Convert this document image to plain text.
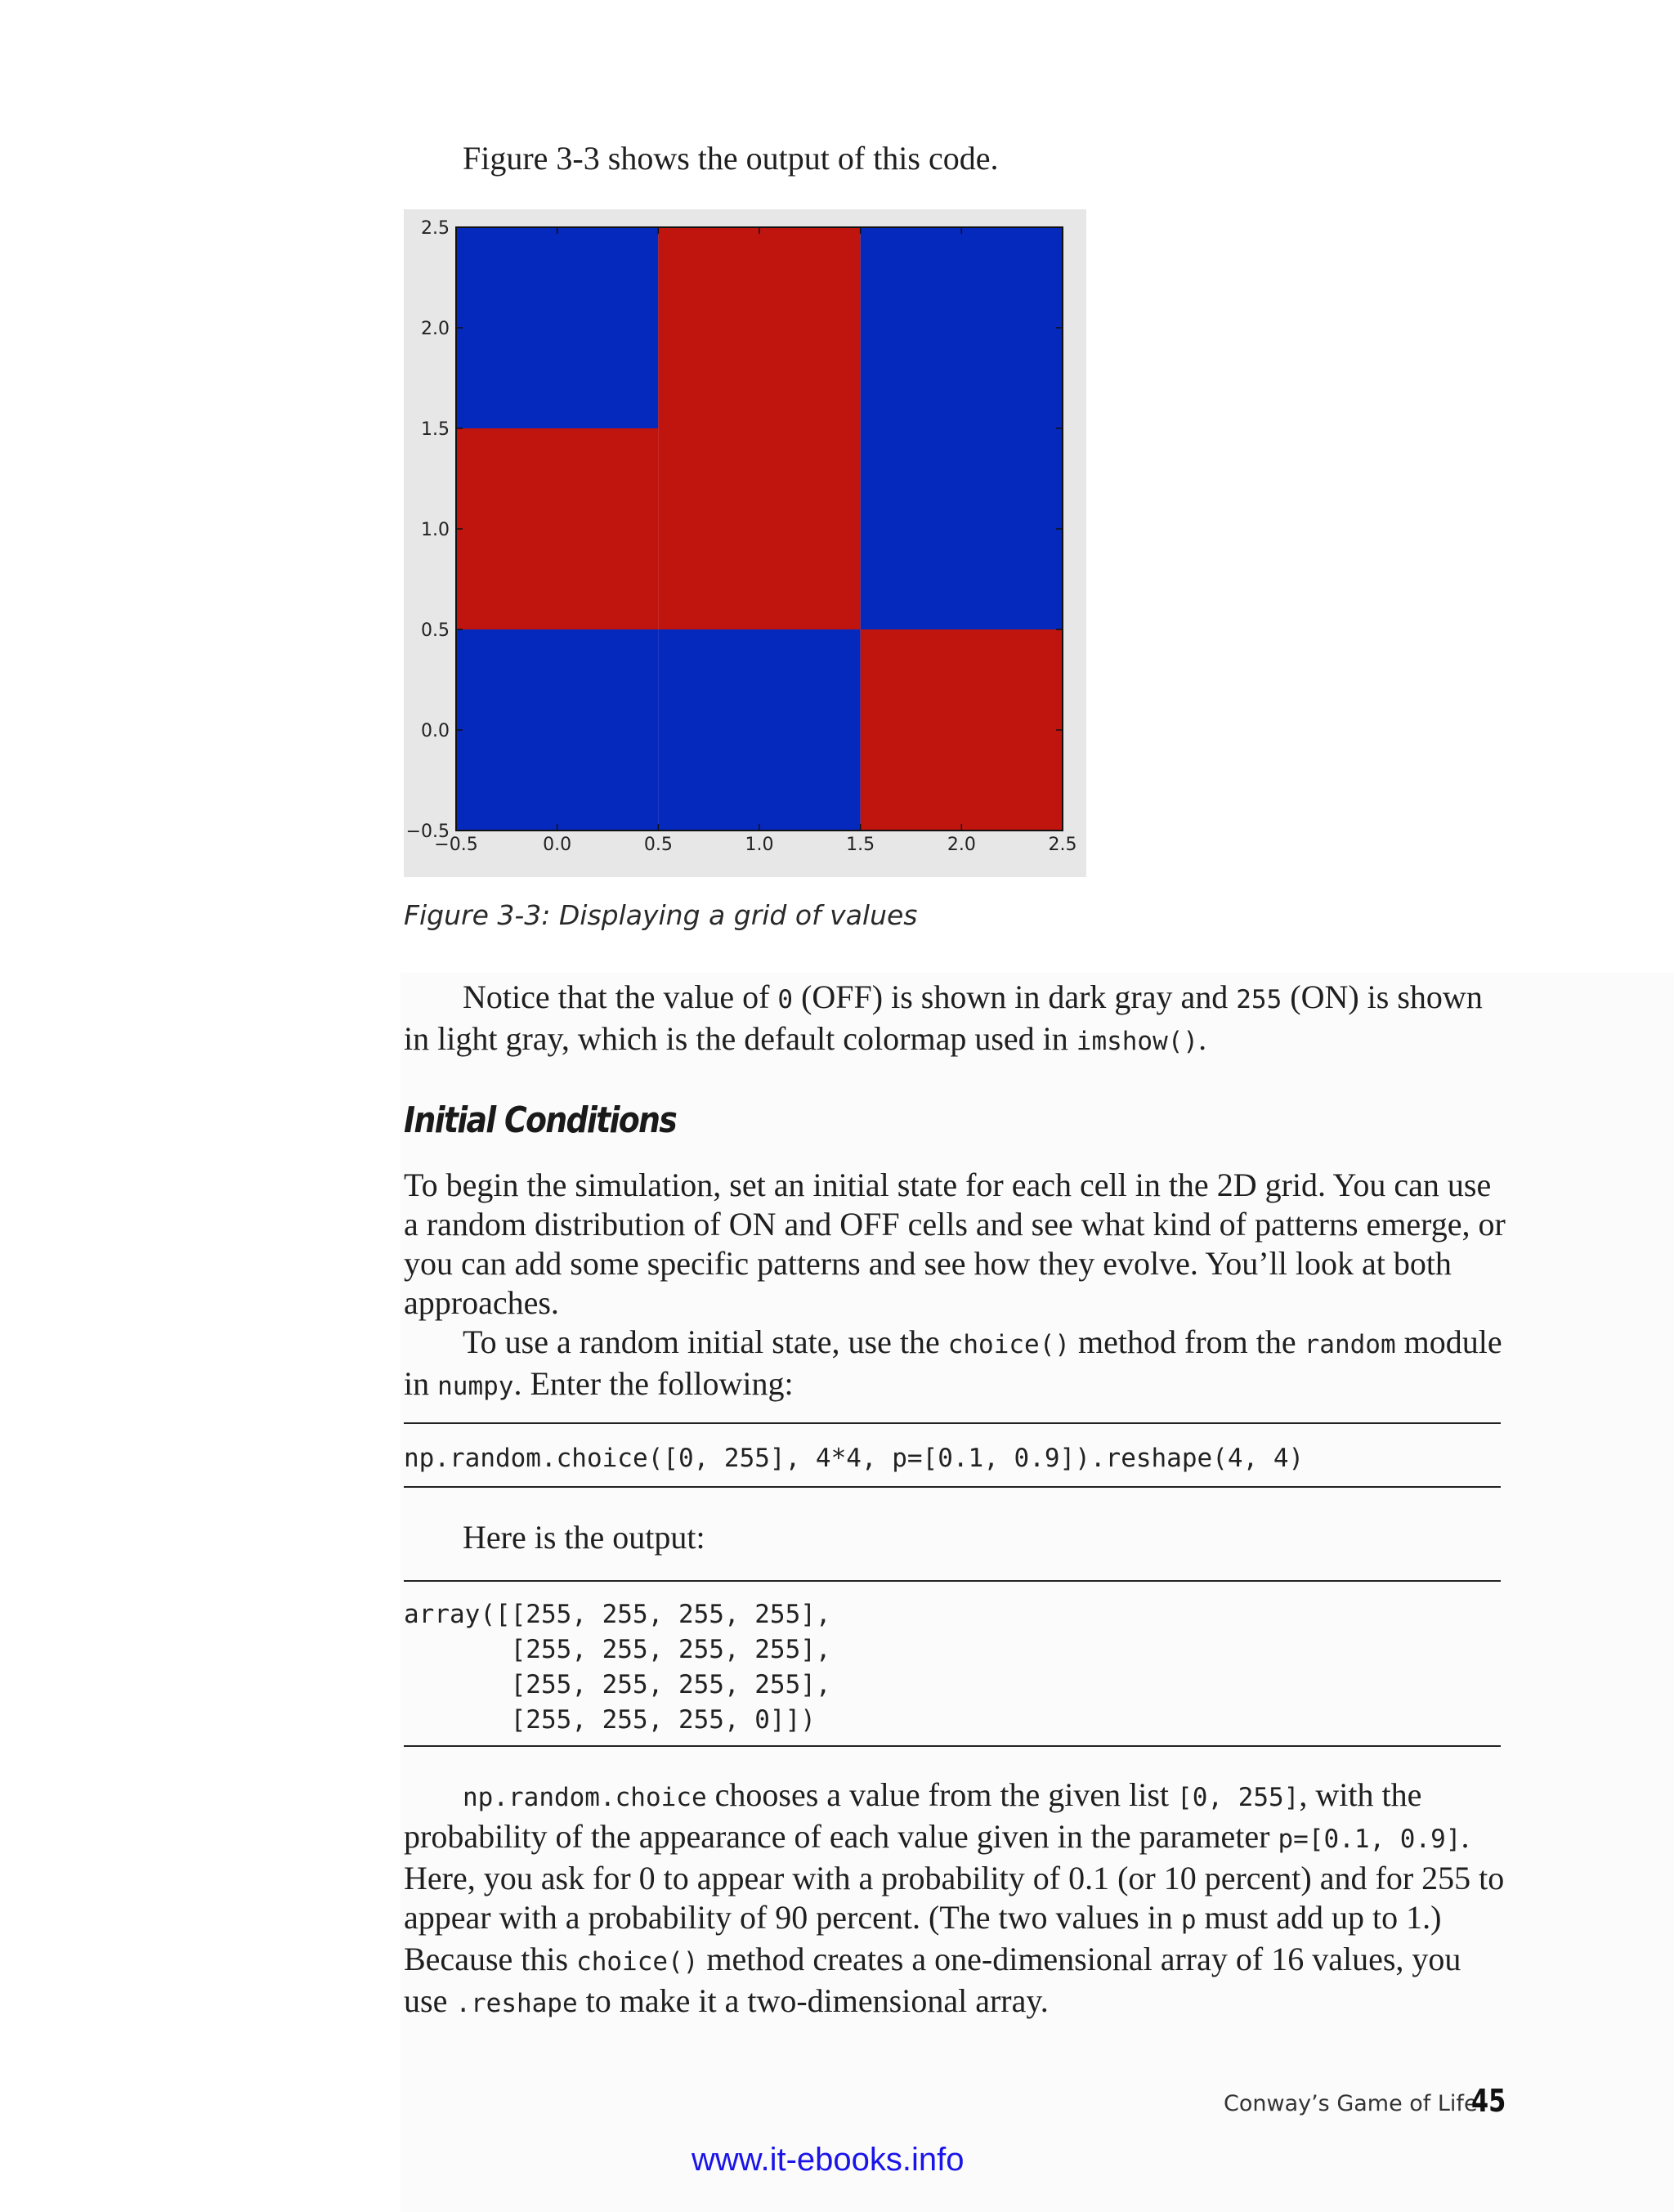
Figure 3-3 shows the output of this code.
−0.5	0.0	0.5	1.0	1.5	2.0	2.5
−0.5
0.0
0.5
1.0
1.5
2.0
2.5
Figure 3-3: Displaying a grid of values

Notice that the value of 0 (OFF) is shown in dark gray and 255 (ON) is shown in light gray, which is the default colormap used in imshow().

Initial Conditions

To begin the simulation, set an initial state for each cell in the 2D grid. You can use a random distribution of ON and OFF cells and see what kind of patterns emerge, or you can add some specific patterns and see how they evolve. You’ll look at both approaches.

To use a random initial state, use the choice() method from the random module in numpy. Enter the following:

np.random.choice([0, 255], 4*4, p=[0.1, 0.9]).reshape(4, 4)

Here is the output:

array([[255, 255, 255, 255],
[255, 255, 255, 255],
[255, 255, 255, 255],
[255, 255, 255, 0]])

np.random.choice chooses a value from the given list [0, 255], with the probability of the appearance of each value given in the parameter p=[0.1, 0.9]. Here, you ask for 0 to appear with a probability of 0.1 (or 10 percent) and for 255 to appear with a probability of 90 percent. (The two values in p must add up to 1.) Because this choice() method creates a one-dimensional array of 16 values, you use .reshape to make it a two-dimensional array.

Conway’s Game of Life
45
www.it-ebooks.info
